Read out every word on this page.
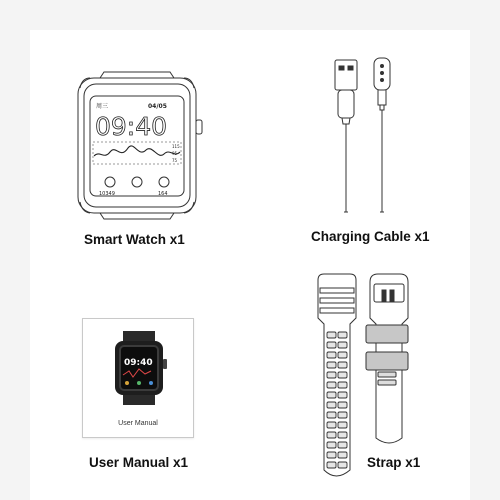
周三	04/05
09:40
115
95
75
10349	164
Smart Watch x1	Charging Cable x1
09:40
User Manual
User Manual x1	Strap x1
